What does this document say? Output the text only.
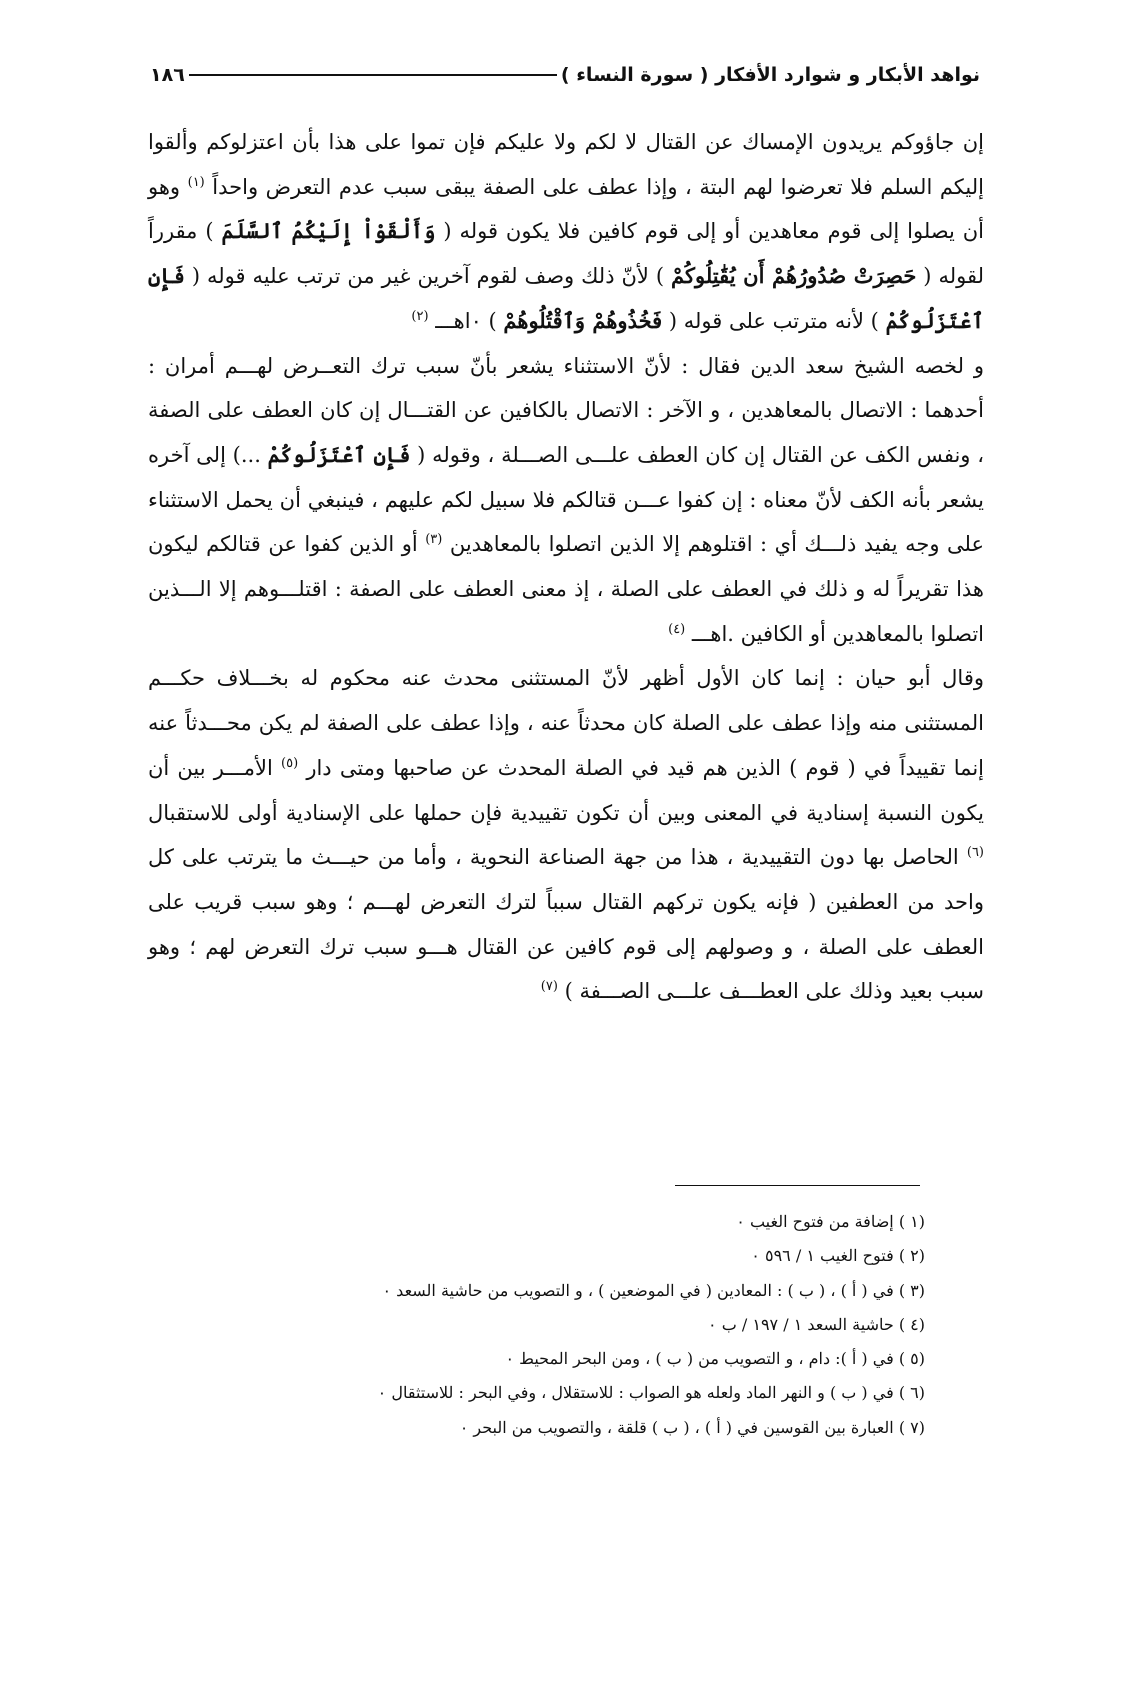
نواهد الأبكار و شوارد الأفكار ( سورة النساء )
١٨٦

إن جاؤوكم يريدون الإمساك عن القتال لا لكم ولا عليكم فإن تموا على هذا بأن اعتزلوكم وألقوا إليكم السلم فلا تعرضوا لهم البتة ، وإذا عطف على الصفة يبقى سبب عدم التعرض واحداً $^{(١)}$ وهو أن يصلوا إلى قوم معاهدين أو إلى قوم كافين فلا يكون قوله ( وَأَلْقَوْاْ إِلَيْكُمُ ٱلسَّلَمَ ) مقرراً لقوله ( حَصِرَتْ صُدُورُهُمْ أَن يُقَٰتِلُوكُمْ ) لأنّ ذلك وصف لقوم آخرين غير من ترتب عليه قوله ( فَإِنِ ٱعْتَزَلُوكُمْ ) لأنه مترتب على قوله ( فَخُذُوهُمْ وَٱقْتُلُوهُمْ ) ٠اهـــ $^{(٢)}$

و لخصه الشيخ سعد الدين فقال : لأنّ الاستثناء يشعر بأنّ سبب ترك التعــرض لهـــم أمران : أحدهما : الاتصال بالمعاهدين ، و الآخر : الاتصال بالكافين عن القتـــال إن كان العطف على الصفة ، ونفس الكف عن القتال إن كان العطف علـــى الصـــلة ، وقوله ( فَإِنِ ٱعْتَزَلُوكُمْ ...) إلى آخره يشعر بأنه الكف لأنّ معناه : إن كفوا عـــن قتالكم فلا سبيل لكم عليهم ، فينبغي أن يحمل الاستثناء على وجه يفيد ذلـــك أي : اقتلوهم إلا الذين اتصلوا بالمعاهدين $^{(٣)}$ أو الذين كفوا عن قتالكم ليكون هذا تقريراً له و ذلك في العطف على الصلة ، إذ معنى العطف على الصفة : اقتلـــوهم إلا الـــذين اتصلوا بالمعاهدين أو الكافين .اهـــ $^{(٤)}$

وقال أبو حيان : إنما كان الأول أظهر لأنّ المستثنى محدث عنه محكوم له بخـــلاف حكـــم المستثنى منه وإذا عطف على الصلة كان محدثاً عنه ، وإذا عطف على الصفة لم يكن محـــدثاً عنه إنما تقييداً في ( قوم ) الذين هم قيد في الصلة المحدث عن صاحبها ومتى دار $^{(٥)}$ الأمـــر بين أن يكون النسبة إسنادية في المعنى وبين أن تكون تقييدية فإن حملها على الإسنادية أولى للاستقبال $^{(٦)}$ الحاصل بها دون التقييدية ، هذا من جهة الصناعة النحوية ، وأما من حيـــث ما يترتب على كل واحد من العطفين ( فإنه يكون تركهم القتال سبباً لترك التعرض لهـــم ؛ وهو سبب قريب على العطف على الصلة ، و وصولهم إلى قوم كافين عن القتال هـــو سبب ترك التعرض لهم ؛ وهو سبب بعيد وذلك على العطـــف علـــى الصـــفة ) $^{(٧)}$

(١ ) إضافة من فتوح الغيب ٠
(٢ ) فتوح الغيب ١ / ٥٩٦ ٠
(٣ ) في ( أ ) ، ( ب ) : المعادين ( في الموضعين ) ، و التصويب من حاشية السعد ٠
(٤ ) حاشية السعد ١ / ١٩٧ / ب ٠
(٥ ) في ( أ ): دام ، و التصويب من ( ب ) ، ومن البحر المحيط ٠
(٦ ) في ( ب ) و النهر الماد ولعله هو الصواب : للاستقلال ، وفي البحر : للاستثقال ٠
(٧ ) العبارة بين القوسين في ( أ ) ، ( ب ) قلقة ، والتصويب من البحر ٠
